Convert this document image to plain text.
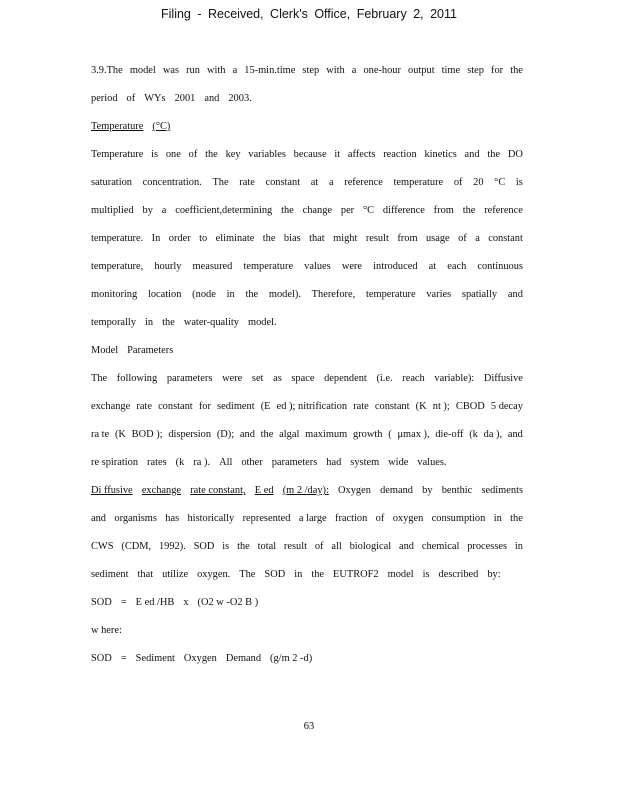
Filing - Received, Clerk's Office, February 2, 2011
3.9.The model was run with a 15-min.time step with a one-hour output time step for the
period of WYs 2001 and 2003.
Temperature (°C)
Temperature is one of the key variables because it affects reaction kinetics and the DO
saturation concentration. The rate constant at a reference temperature of 20 °C is
multiplied by a coefficient,determining the change per °C difference from the reference
temperature. In order to eliminate the bias that might result from usage of a constant
temperature, hourly measured temperature values were introduced at each continuous
monitoring location (node in the model). Therefore, temperature varies spatially and
temporally in the water-quality model.
Model Parameters
The following parameters were set as space dependent (i.e. reach variable): Diffusive
exchange rate constant for sediment (E ed ); nitrification rate constant (K nt ); CBOD 5 decay
ra te (K BOD ); dispersion (D); and the algal maximum growth ( μmax ), die-off (k da ), and
re spiration rates (k ra ). All other parameters had system wide values.
Di ffusive exchange rate constant, E ed (m 2 /day): Oxygen demand by benthic sediments
and organisms has historically represented a large fraction of oxygen consumption in the
CWS (CDM, 1992). SOD is the total result of all biological and chemical processes in
sediment that utilize oxygen. The SOD in the EUTROF2 model is described by:
SOD = E ed /HB x (O2 w -O2 B )
w here:
SOD = Sediment Oxygen Demand (g/m 2 -d)
63
